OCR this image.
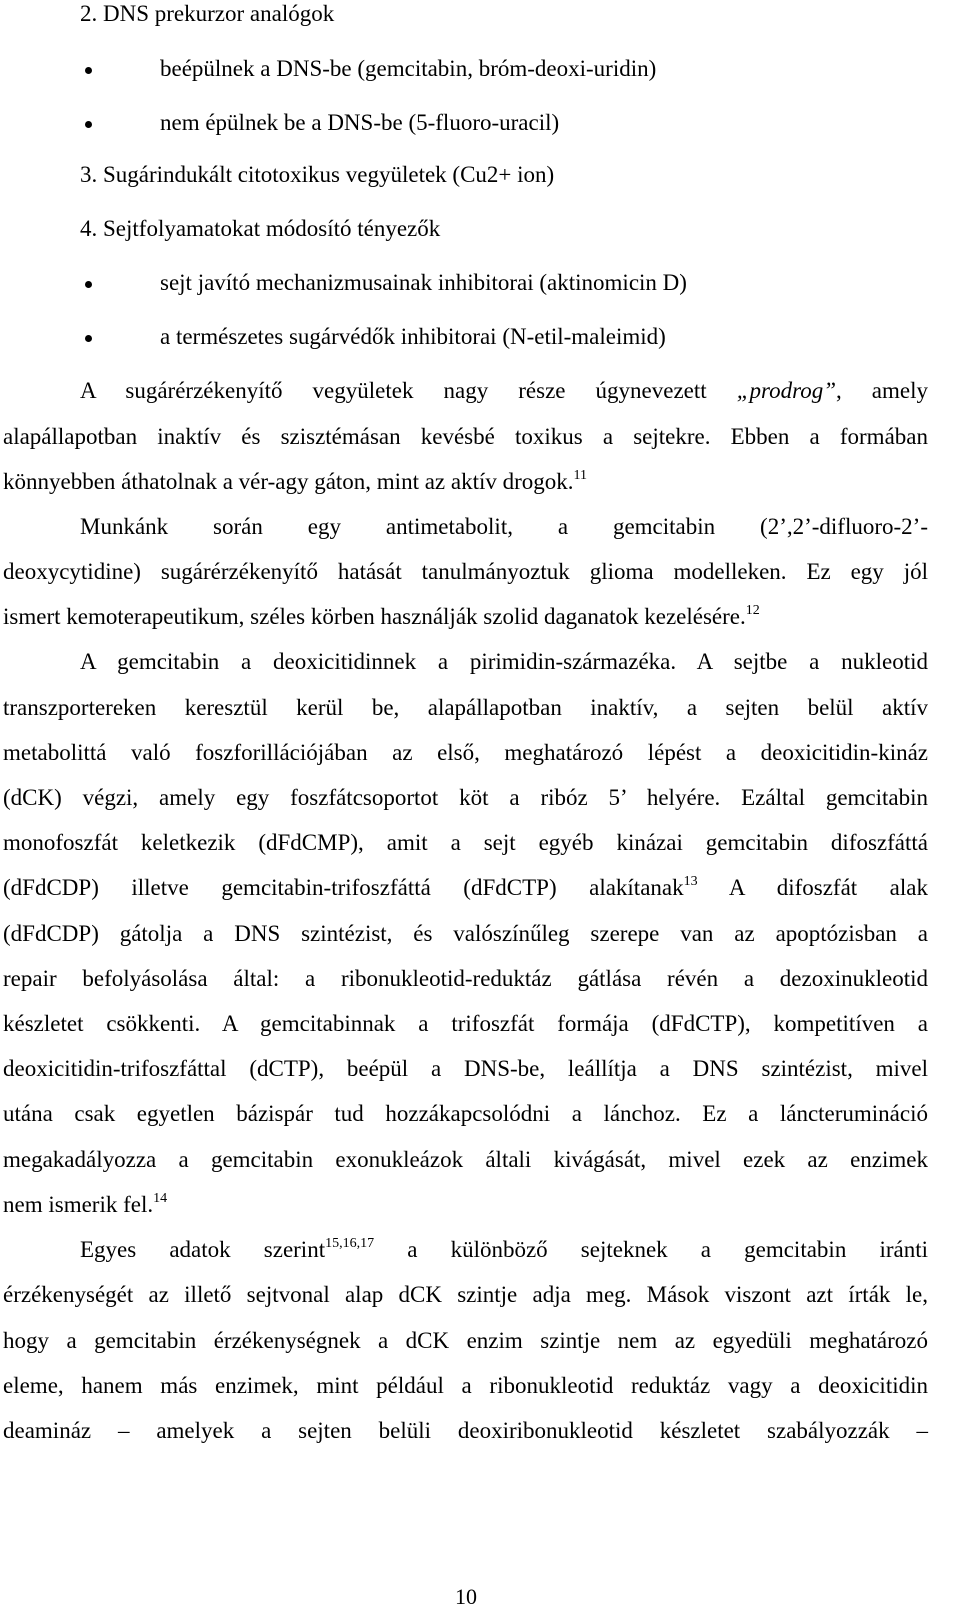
2. DNS prekurzor analógok
beépülnek a DNS-be (gemcitabin, bróm-deoxi-uridin)
nem épülnek be a DNS-be (5-fluoro-uracil)
3. Sugárindukált citotoxikus vegyületek (Cu2+ ion)
4. Sejtfolyamatokat módosító tényezők
sejt javító mechanizmusainak inhibitorai (aktinomicin D)
a természetes sugárvédők inhibitorai (N-etil-maleimid)
A sugárérzékenyítő vegyületek nagy része úgynevezett „prodrog”, amely
alapállapotban inaktív és szisztémásan kevésbé toxikus a sejtekre. Ebben a formában
könnyebben áthatolnak a vér-agy gáton, mint az aktív drogok.$^{11}$
Munkánk során egy antimetabolit, a gemcitabin (2’,2’-difluoro-2’-
deoxycytidine) sugárérzékenyítő hatását tanulmányoztuk glioma modelleken. Ez egy jól
ismert kemoterapeutikum, széles körben használják szolid daganatok kezelésére.$^{12}$
A gemcitabin a deoxicitidinnek a pirimidin-származéka. A sejtbe a nukleotid
transzportereken keresztül kerül be, alapállapotban inaktív, a sejten belül aktív
metabolittá való foszforillációjában az első, meghatározó lépést a deoxicitidin-kináz
(dCK) végzi, amely egy foszfátcsoportot köt a ribóz 5’ helyére. Ezáltal gemcitabin
monofoszfát keletkezik (dFdCMP), amit a sejt egyéb kinázai gemcitabin difoszfáttá
(dFdCDP) illetve gemcitabin-trifoszfáttá (dFdCTP) alakítanak$^{13}$ A difoszfát alak
(dFdCDP) gátolja a DNS szintézist, és valószínűleg szerepe van az apoptózisban a
repair befolyásolása által: a ribonukleotid-reduktáz gátlása révén a dezoxinukleotid
készletet csökkenti. A gemcitabinnak a trifoszfát formája (dFdCTP), kompetitíven a
deoxicitidin-trifoszfáttal (dCTP), beépül a DNS-be, leállítja a DNS szintézist, mivel
utána csak egyetlen bázispár tud hozzákapcsolódni a lánchoz. Ez a láncterumináció
megakadályozza a gemcitabin exonukleázok általi kivágását, mivel ezek az enzimek
nem ismerik fel.$^{14}$
Egyes adatok szerint$^{15,16,17}$ a különböző sejteknek a gemcitabin iránti
érzékenységét az illető sejtvonal alap dCK szintje adja meg. Mások viszont azt írták le,
hogy a gemcitabin érzékenységnek a dCK enzim szintje nem az egyedüli meghatározó
eleme, hanem más enzimek, mint például a ribonukleotid reduktáz vagy a deoxicitidin
deamináz – amelyek a sejten belüli deoxiribonukleotid készletet szabályozzák –
10
